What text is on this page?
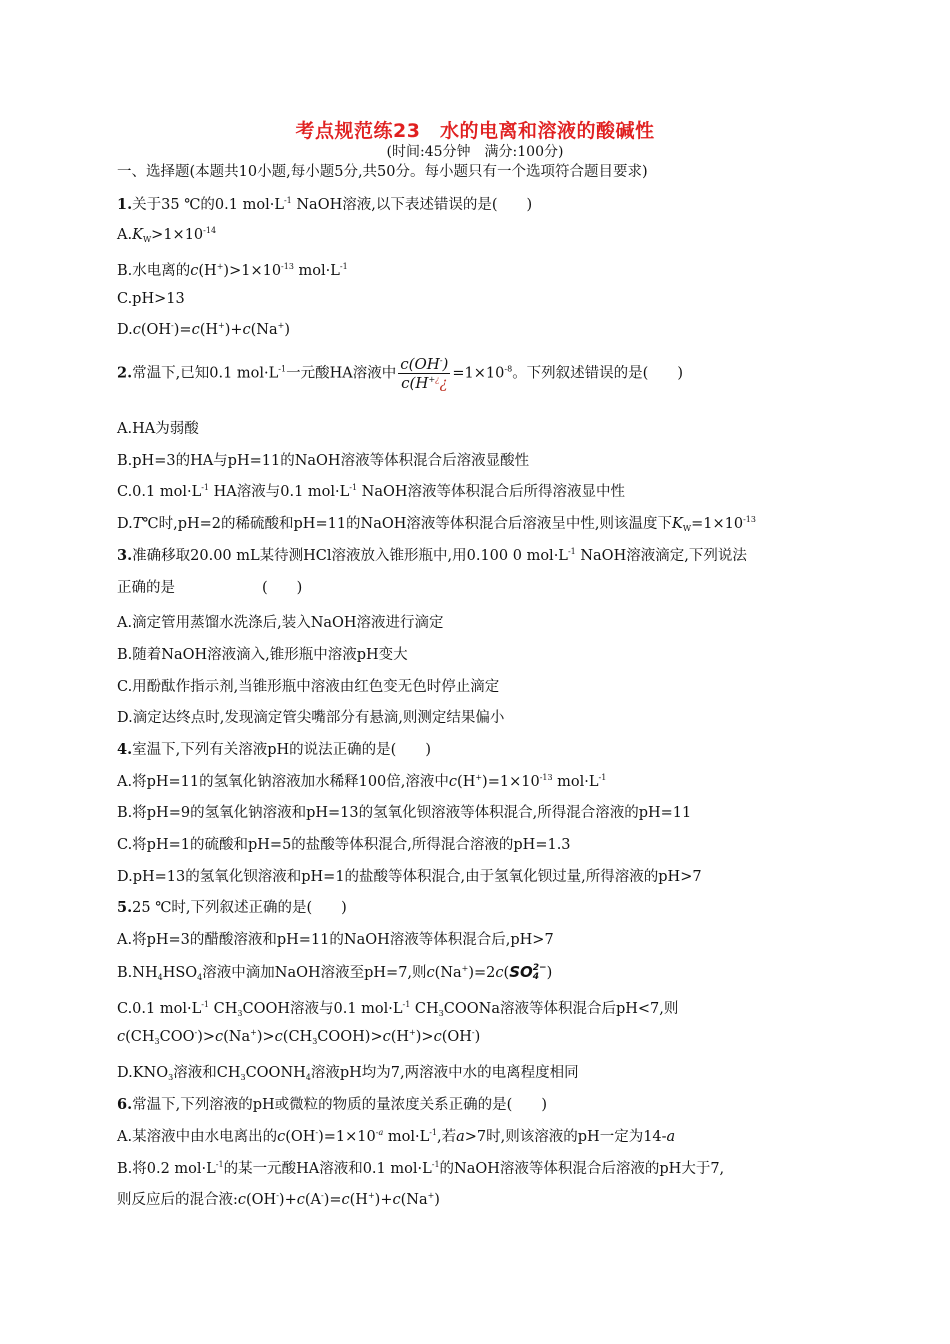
考点规范练23　水的电离和溶液的酸碱性
(时间:45分钟　满分:100分)
一、选择题(本题共10小题,每小题5分,共50分。每小题只有一个选项符合题目要求)
1.关于35 ℃的0.1 $mol\cdot L^{-1}$ NaOH溶液,以下表述错误的是(　　)
$A.K_W>1\times 10^{-14}$
B.水电离的$c(H^+)>1\times 10^{-13}$ $mol\cdot L^{-1}$
C.pH>13
D.c(OH-)=c(H+)+c(Na+)
2.常温下,已知0.1 $mol\cdot L^{-1}$一元酸HA溶液中 $\frac{c(OH^-)}{c(H^{+¿}¿} =1\times 10^{-8}$。下列叙述错误的是(　　)
A.HA为弱酸
B.pH=3的HA与pH=11的NaOH溶液等体积混合后溶液显酸性
C.0.1 $mol\cdot L^{-1}$ HA溶液与0.1 $mol\cdot L^{-1}$ NaOH溶液等体积混合后所得溶液显中性
D.T℃时,pH=2的稀硫酸和pH=11的NaOH溶液等体积混合后溶液呈中性,则该温度下$K_W=1\times 10^{-13}$
3.准确移取20.00 mL某待测HCl溶液放入锥形瓶中,用0.100 0 $mol\cdot L^{-1}$ NaOH溶液滴定,下列说法
正确的是　　　　　　(　　)
A.滴定管用蒸馏水洗涤后,装入NaOH溶液进行滴定
B.随着NaOH溶液滴入,锥形瓶中溶液pH变大
C.用酚酞作指示剂,当锥形瓶中溶液由红色变无色时停止滴定
D.滴定达终点时,发现滴定管尖嘴部分有悬滴,则测定结果偏小
4.室温下,下列有关溶液pH的说法正确的是(　　)
A.将pH=11的氢氧化钠溶液加水稀释100倍,溶液中$c(H^+)=1\times 10^{-13}$ $mol\cdot L^{-1}$
B.将pH=9的氢氧化钠溶液和pH=13的氢氧化钡溶液等体积混合,所得混合溶液的pH=11
C.将pH=1的硫酸和pH=5的盐酸等体积混合,所得混合溶液的pH=1.3
D.pH=13的氢氧化钡溶液和pH=1的盐酸等体积混合,由于氢氧化钡过量,所得溶液的pH>7
5.25 ℃时,下列叙述正确的是(　　)
A.将pH=3的醋酸溶液和pH=11的NaOH溶液等体积混合后,pH>7
$B.NH_4HSO_4$溶液中滴加NaOH溶液至pH=7,则c(Na+)=2c(SO 2−
4 )
C.0.1 $mol\cdot L^{-1}$ $CH_3COOH$溶液与0.1 $mol\cdot L^{-1}$ $CH_3COONa$溶液等体积混合后pH<7,则
$c(CH_3COO^-)>c(Na^+)>c(CH_3COOH)>c(H^+)>c(OH^-)$
$D.KNO_3$溶液和$CH_3COONH_4$溶液pH均为7,两溶液中水的电离程度相同
6.常温下,下列溶液的pH或微粒的物质的量浓度关系正确的是(　　)
A.某溶液中由水电离出的$c(OH^-)=1\times 10^{-a}$ $mol\cdot L^{-1}$,若a>7时,则该溶液的pH一定为14-a
B.将0.2 $mol\cdot L^{-1}$的某一元酸HA溶液和0.1 $mol\cdot L^{-1}$的NaOH溶液等体积混合后溶液的pH大于7,
则反应后的混合液:c(OH-)+c(A-)=c(H+)+c(Na+)
